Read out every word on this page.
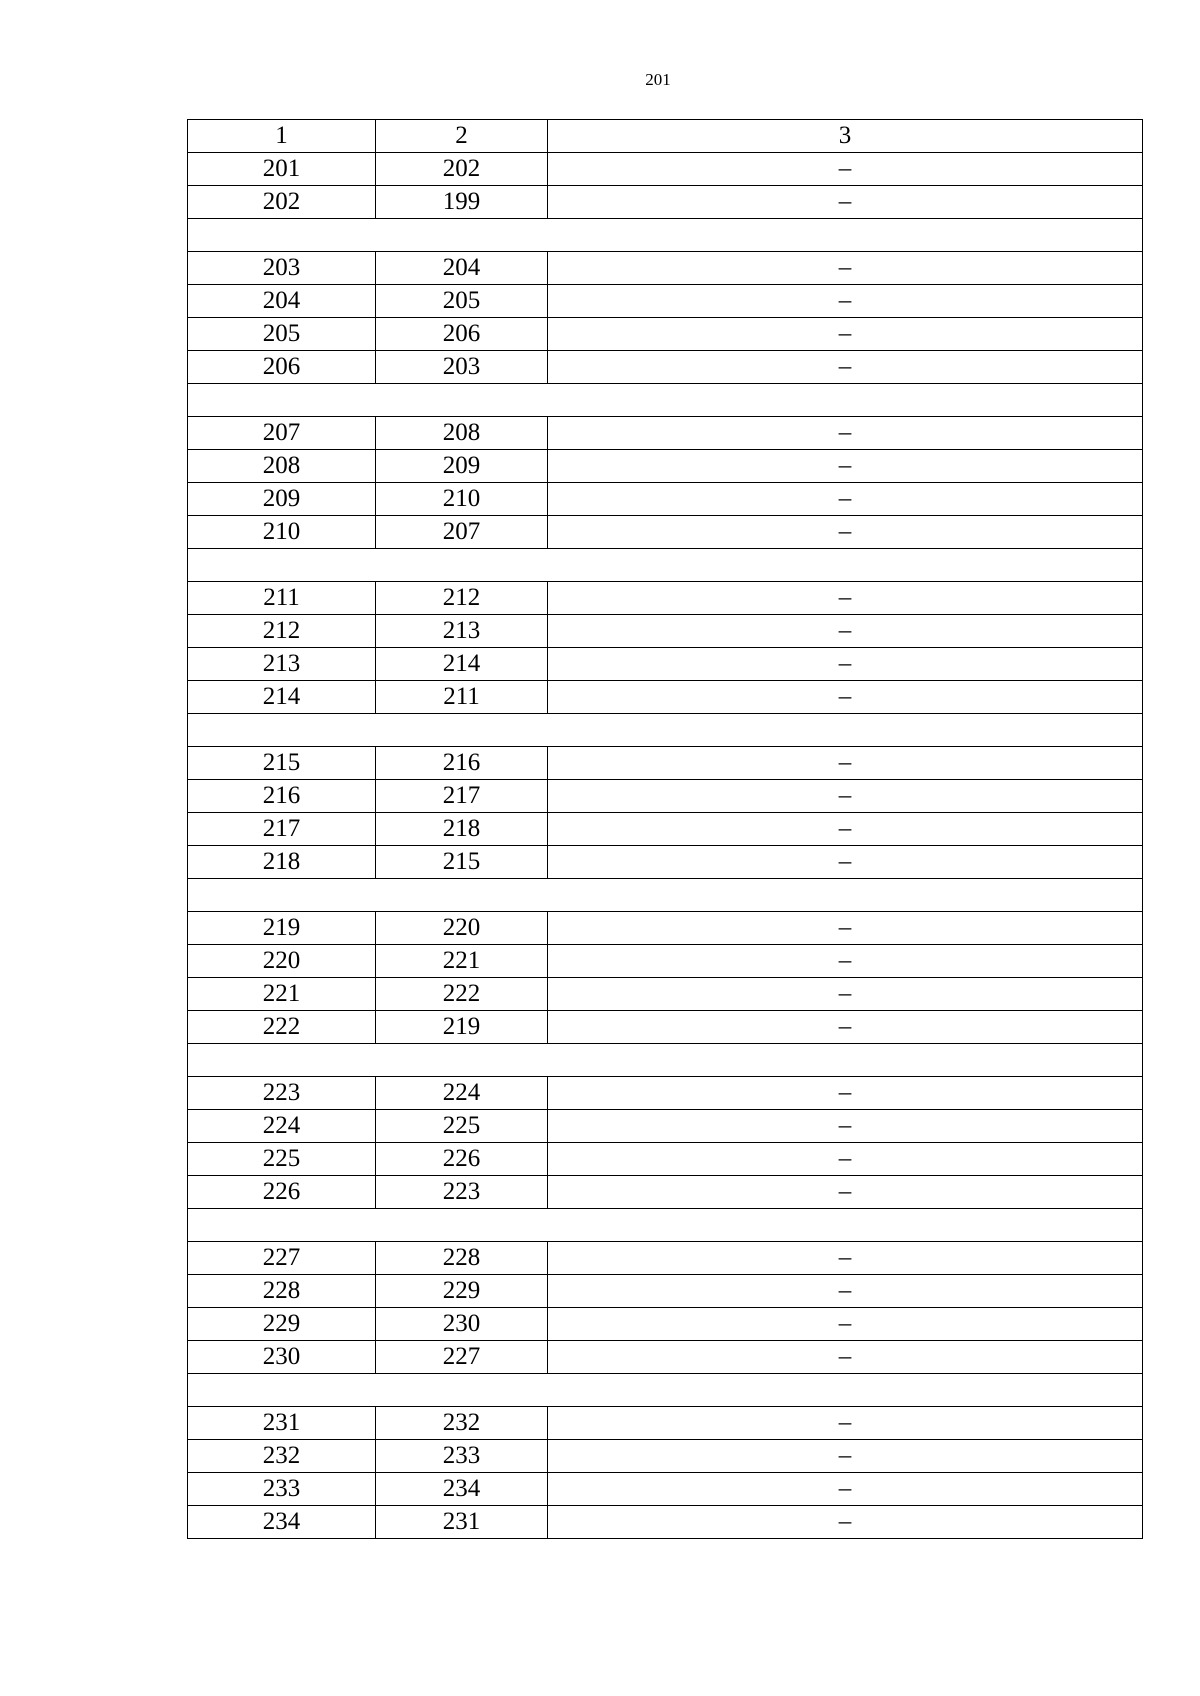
201
1	2	3
201	202	–
202	199	–

203	204	–
204	205	–
205	206	–
206	203	–

207	208	–
208	209	–
209	210	–
210	207	–

211	212	–
212	213	–
213	214	–
214	211	–

215	216	–
216	217	–
217	218	–
218	215	–

219	220	–
220	221	–
221	222	–
222	219	–

223	224	–
224	225	–
225	226	–
226	223	–

227	228	–
228	229	–
229	230	–
230	227	–

231	232	–
232	233	–
233	234	–
234	231	–
